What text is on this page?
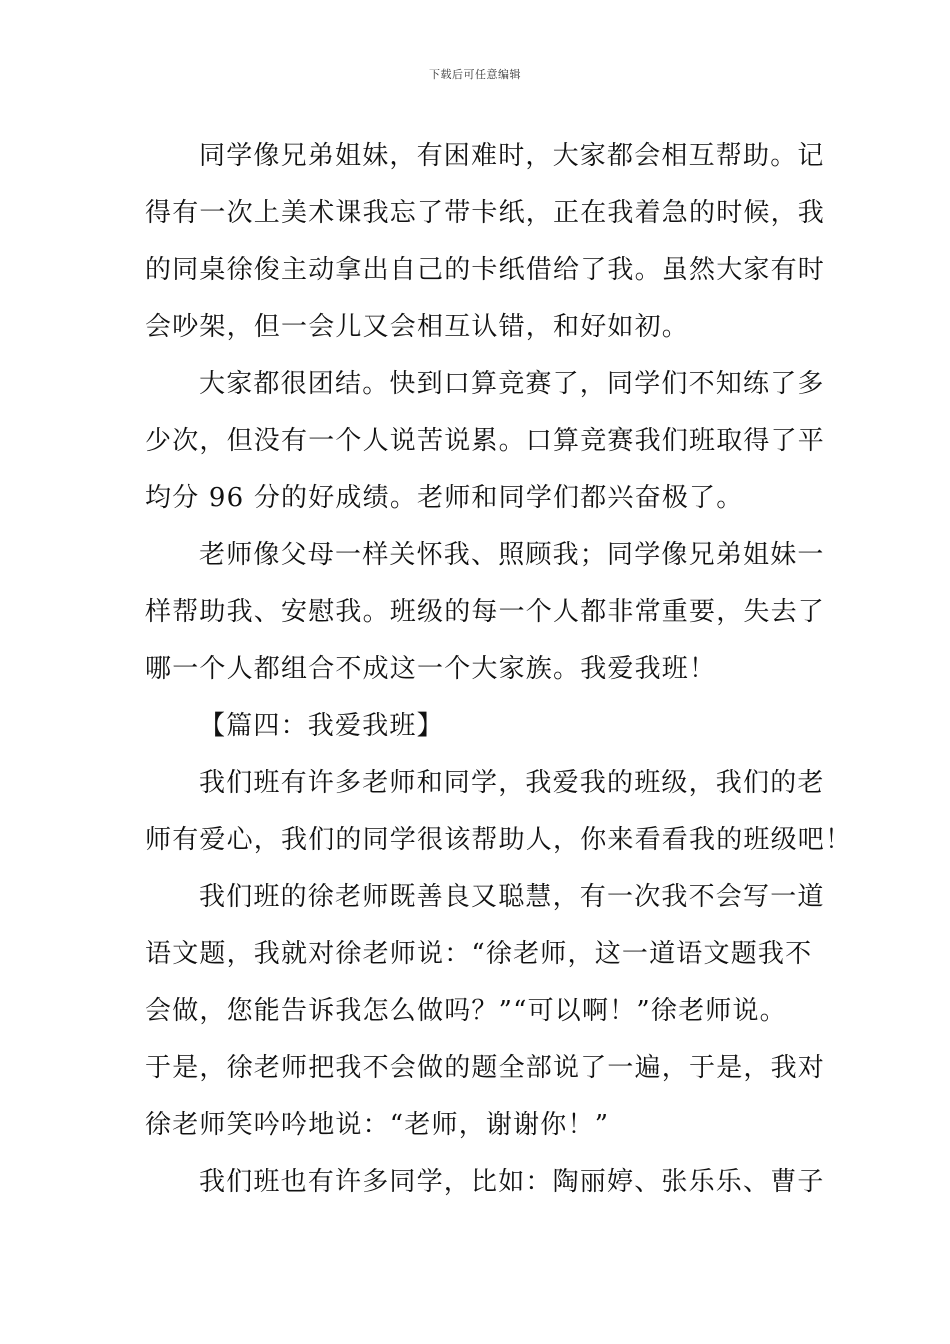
下载后可任意编辑
同学像兄弟姐妹，有困难时，大家都会相互帮助。记
得有一次上美术课我忘了带卡纸，正在我着急的时候，我
的同桌徐俊主动拿出自己的卡纸借给了我。虽然大家有时
会吵架，但一会儿又会相互认错，和好如初。
大家都很团结。快到口算竞赛了，同学们不知练了多
少次，但没有一个人说苦说累。口算竞赛我们班取得了平
均分 96 分的好成绩。老师和同学们都兴奋极了。
老师像父母一样关怀我、照顾我；同学像兄弟姐妹一
样帮助我、安慰我。班级的每一个人都非常重要，失去了
哪一个人都组合不成这一个大家族。我爱我班！
【篇四：我爱我班】
我们班有许多老师和同学，我爱我的班级，我们的老
师有爱心，我们的同学很该帮助人，你来看看我的班级吧！
我们班的徐老师既善良又聪慧，有一次我不会写一道
语文题，我就对徐老师说：“徐老师，这一道语文题我不
会做，您能告诉我怎么做吗？”“可以啊！”徐老师说。
于是，徐老师把我不会做的题全部说了一遍，于是，我对
徐老师笑吟吟地说：“老师，谢谢你！”
我们班也有许多同学，比如：陶丽婷、张乐乐、曹子
